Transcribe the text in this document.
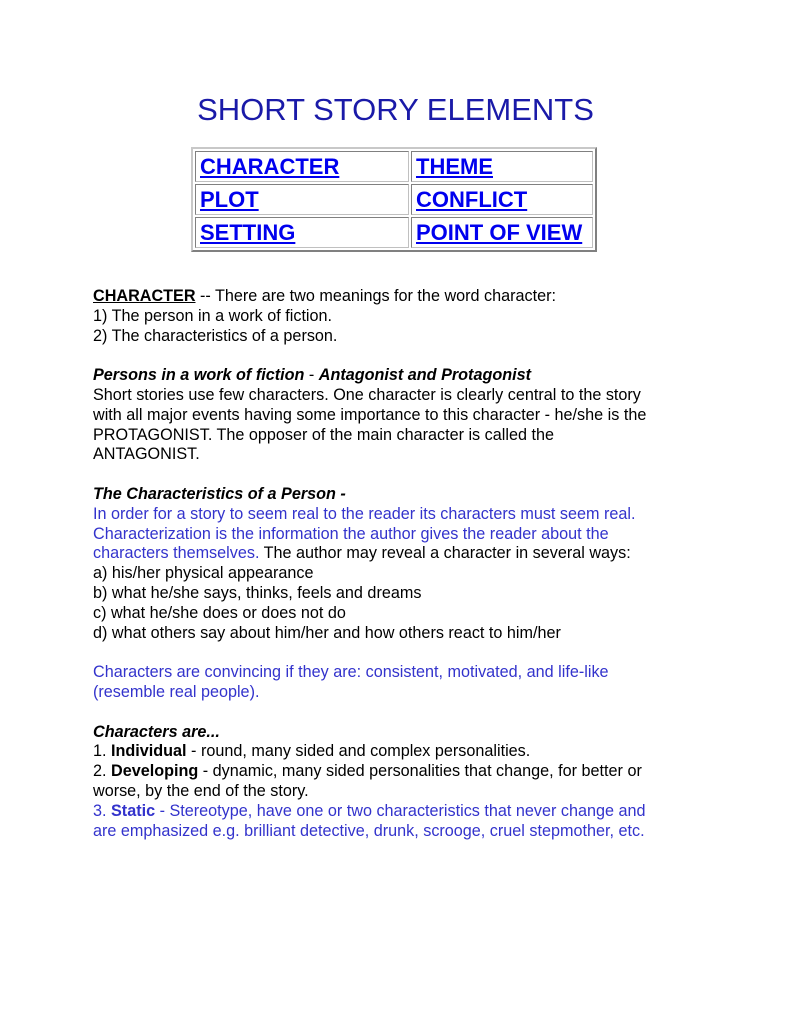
SHORT STORY ELEMENTS
CHARACTER	THEME
PLOT	CONFLICT
SETTING	POINT OF VIEW

CHARACTER -- There are two meanings for the word character:

1) The person in a work of fiction.

2) The characteristics of a person.

Persons in a work of fiction - Antagonist and Protagonist

Short stories use few characters. One character is clearly central to the story

with all major events having some importance to this character - he/she is the

PROTAGONIST. The opposer of the main character is called the

ANTAGONIST.

The Characteristics of a Person -

In order for a story to seem real to the reader its characters must seem real.

Characterization is the information the author gives the reader about the

characters themselves. The author may reveal a character in several ways:

a) his/her physical appearance

b) what he/she says, thinks, feels and dreams

c) what he/she does or does not do

d) what others say about him/her and how others react to him/her

Characters are convincing if they are: consistent, motivated, and life-like

(resemble real people).

Characters are...

1. Individual - round, many sided and complex personalities.

2. Developing - dynamic, many sided personalities that change, for better or

worse, by the end of the story.

3. Static - Stereotype, have one or two characteristics that never change and

are emphasized e.g. brilliant detective, drunk, scrooge, cruel stepmother, etc.
